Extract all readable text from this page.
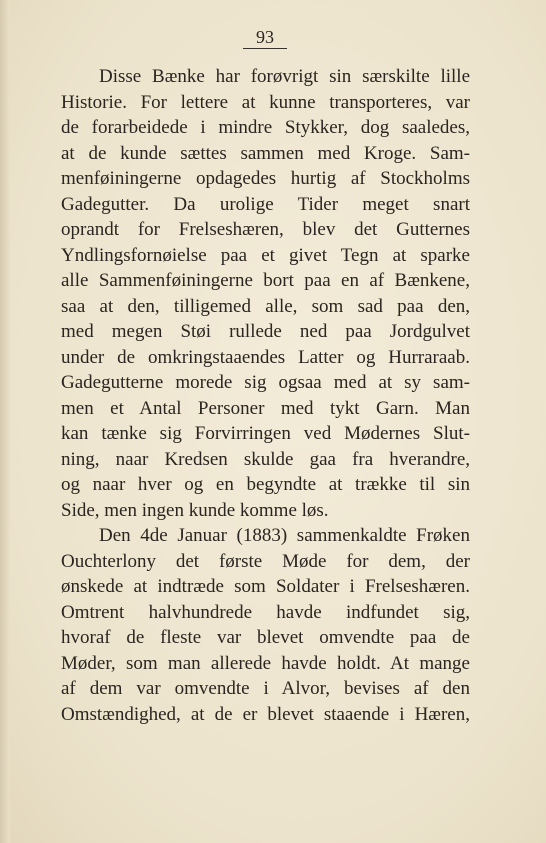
93
Disse Bænke har forøvrigt sin særskilte lille
Historie. For lettere at kunne transporteres, var
de forarbeidede i mindre Stykker, dog saaledes,
at de kunde sættes sammen med Kroge. Sam-
menføiningerne opdagedes hurtig af Stockholms
Gadegutter. Da urolige Tider meget snart
oprandt for Frelseshæren, blev det Gutternes
Yndlingsfornøielse paa et givet Tegn at sparke
alle Sammenføiningerne bort paa en af Bænkene,
saa at den, tilligemed alle, som sad paa den,
med megen Støi rullede ned paa Jordgulvet
under de omkringstaaendes Latter og Hurraraab.
Gadegutterne morede sig ogsaa med at sy sam-
men et Antal Personer med tykt Garn. Man
kan tænke sig Forvirringen ved Mødernes Slut-
ning, naar Kredsen skulde gaa fra hverandre,
og naar hver og en begyndte at trække til sin
Side, men ingen kunde komme løs.
Den 4de Januar (1883) sammenkaldte Frøken
Ouchterlony det første Møde for dem, der
ønskede at indtræde som Soldater i Frelseshæren.
Omtrent halvhundrede havde indfundet sig,
hvoraf de fleste var blevet omvendte paa de
Møder, som man allerede havde holdt. At mange
af dem var omvendte i Alvor, bevises af den
Omstændighed, at de er blevet staaende i Hæren,
